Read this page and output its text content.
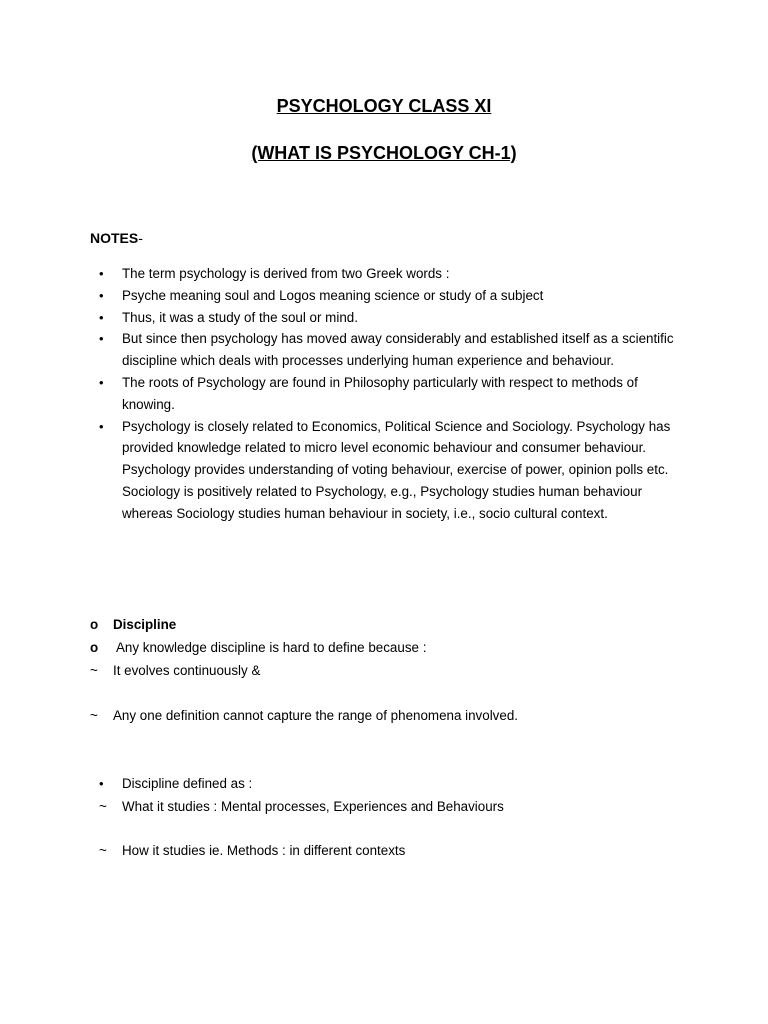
PSYCHOLOGY CLASS XI
(WHAT IS PSYCHOLOGY CH-1)
NOTES-
• The term psychology is derived from two Greek words :
• Psyche meaning soul and Logos meaning science or study of a subject
• Thus, it was a study of the soul or mind.
• But since then psychology has moved away considerably and established itself as a scientific discipline which deals with processes underlying human experience and behaviour.
• The roots of Psychology are found in Philosophy particularly with respect to methods of knowing.
• Psychology is closely related to Economics, Political Science and Sociology. Psychology has provided knowledge related to micro level economic behaviour and consumer behaviour. Psychology provides understanding of voting behaviour, exercise of power, opinion polls etc. Sociology is positively related to Psychology, e.g., Psychology studies human behaviour whereas Sociology studies human behaviour in society, i.e., socio cultural context.
o Discipline
o Any knowledge discipline is hard to define because :
~ It evolves continuously &
~ Any one definition cannot capture the range of phenomena involved.
• Discipline defined as :
~ What it studies : Mental processes, Experiences and Behaviours
~ How it studies ie. Methods : in different contexts
